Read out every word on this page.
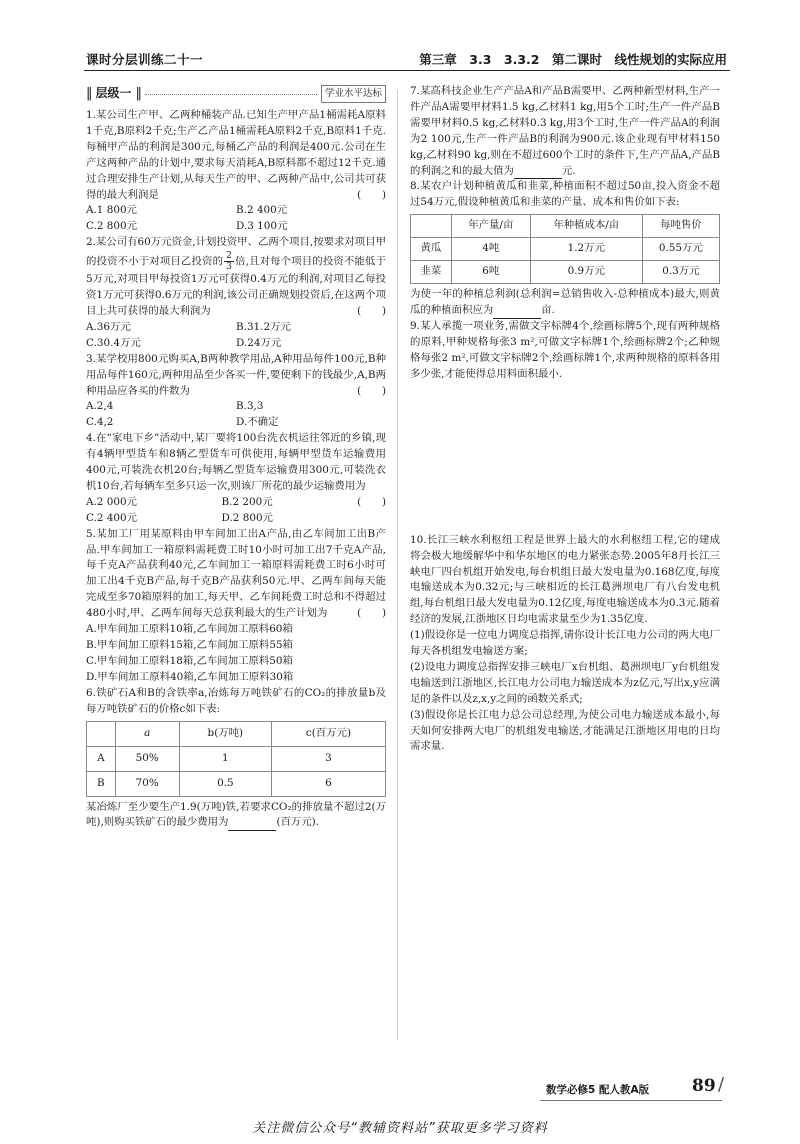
课时分层训练二十一	第三章　3.3　3.3.2　第二课时　线性规划的实际应用
‖ 层级一 ‖	学业水平达标

1.某公司生产甲、乙两种桶装产品.已知生产甲产品1桶需耗A原料1千克,B原料2千克;生产乙产品1桶需耗A原料2千克,B原料1千克.每桶甲产品的利润是300元,每桶乙产品的利润是400元.公司在生产这两种产品的计划中,要求每天消耗A,B原料都不超过12千克.通过合理安排生产计划,从每天生产的甲、乙两种产品中,公司共可获得的最大利润是	(　　)

A.1 800元	B.2 400元
C.2 800元	D.3 100元

2.某公司有60万元资金,计划投资甲、乙两个项目,按要求对项目甲的投资不小于对项目乙投资的 $\frac{2}{3}$ 倍,且对每个项目的投资不能低于5万元,对项目甲每投资1万元可获得0.4万元的利润,对项目乙每投资1万元可获得0.6万元的利润,该公司正确规划投资后,在这两个项目上共可获得的最大利润为	(　　)

A.36万元	B.31.2万元
C.30.4万元	D.24万元

3.某学校用800元购买A,B两种教学用品,A种用品每件100元,B种用品每件160元,两种用品至少各买一件,要使剩下的钱最少,A,B两种用品应各买的件数为	(　　)

A.2,4	B.3,3
C.4,2	D.不确定

4.在“家电下乡”活动中,某厂要将100台洗衣机运往邻近的乡镇,现有4辆甲型货车和8辆乙型货车可供使用,每辆甲型货车运输费用400元,可装洗衣机20台;每辆乙型货车运输费用300元,可装洗衣机10台,若每辆车至多只运一次,则该厂所花的最少运输费用为
(　　)

A.2 000元	B.2 200元
C.2 400元	D.2 800元

5.某加工厂用某原料由甲车间加工出A产品,由乙车间加工出B产品.甲车间加工一箱原料需耗费工时10小时可加工出7千克A产品,每千克A产品获利40元,乙车间加工一箱原料需耗费工时6小时可加工出4千克B产品,每千克B产品获利50元.甲、乙两车间每天能完成至多70箱原料的加工,每天甲、乙车间耗费工时总和不得超过480小时,甲、乙两车间每天总获利最大的生产计划为	(　　)

A.甲车间加工原料10箱,乙车间加工原料60箱
B.甲车间加工原料15箱,乙车间加工原料55箱
C.甲车间加工原料18箱,乙车间加工原料50箱
D.甲车间加工原料40箱,乙车间加工原料30箱

6.铁矿石A和B的含铁率a,冶炼每万吨铁矿石的CO₂的排放量b及每万吨铁矿石的价格c如下表:

	a	b(万吨)	c(百万元)
A	50%	1	3
B	70%	0.5	6

某冶炼厂至少要生产1.9(万吨)铁,若要求CO₂的排放量不超过2(万吨),则购买铁矿石的最少费用为	(百万元).

7.某高科技企业生产产品A和产品B需要甲、乙两种新型材料,生产一件产品A需要甲材料1.5 kg,乙材料1 kg,用5个工时;生产一件产品B需要甲材料0.5 kg,乙材料0.3 kg,用3个工时,生产一件产品A的利润为2 100元,生产一件产品B的利润为900元.该企业现有甲材料150 kg,乙材料90 kg,则在不超过600个工时的条件下,生产产品A,产品B的利润之和的最大值为	元.

8.某农户计划种植黄瓜和韭菜,种植面积不超过50亩,投入资金不超过54万元,假设种植黄瓜和韭菜的产量、成本和售价如下表:

	年产量/亩	年种植成本/亩	每吨售价
黄瓜	4吨	1.2万元	0.55万元
韭菜	6吨	0.9万元	0.3万元

为使一年的种植总利润(总利润=总销售收入-总种植成本)最大,则黄瓜的种植面积应为	亩.

9.某人承揽一项业务,需做文字标牌4个,绘画标牌5个,现有两种规格的原料,甲种规格每张3 m²,可做文字标牌1个,绘画标牌2个;乙种规格每张2 m²,可做文字标牌2个,绘画标牌1个,求两种规格的原料各用多少张,才能使得总用料面积最小.

10.长江三峡水利枢纽工程是世界上最大的水利枢纽工程,它的建成将会极大地缓解华中和华东地区的电力紧张态势.2005年8月长江三峡电厂四台机组开始发电,每台机组日最大发电量为0.168亿度,每度电输送成本为0.32元;与三峡相近的长江葛洲坝电厂有八台发电机组,每台机组日最大发电量为0.12亿度,每度电输送成本为0.3元.随着经济的发展,江浙地区日均电需求量至少为1.35亿度.

(1)假设你是一位电力调度总指挥,请你设计长江电力公司的两大电厂每天各机组发电输送方案;

(2)设电力调度总指挥安排三峡电厂x台机组、葛洲坝电厂y台机组发电输送到江浙地区,长江电力公司电力输送成本为z亿元,写出x,y应满足的条件以及z,x,y之间的函数关系式;

(3)假设你是长江电力总公司总经理,为使公司电力输送成本最小,每天如何安排两大电厂的机组发电输送,才能满足江浙地区用电的日均需求量.

数学必修5 配人教A版	89 /
关注微信公众号“教辅资料站”获取更多学习资料
